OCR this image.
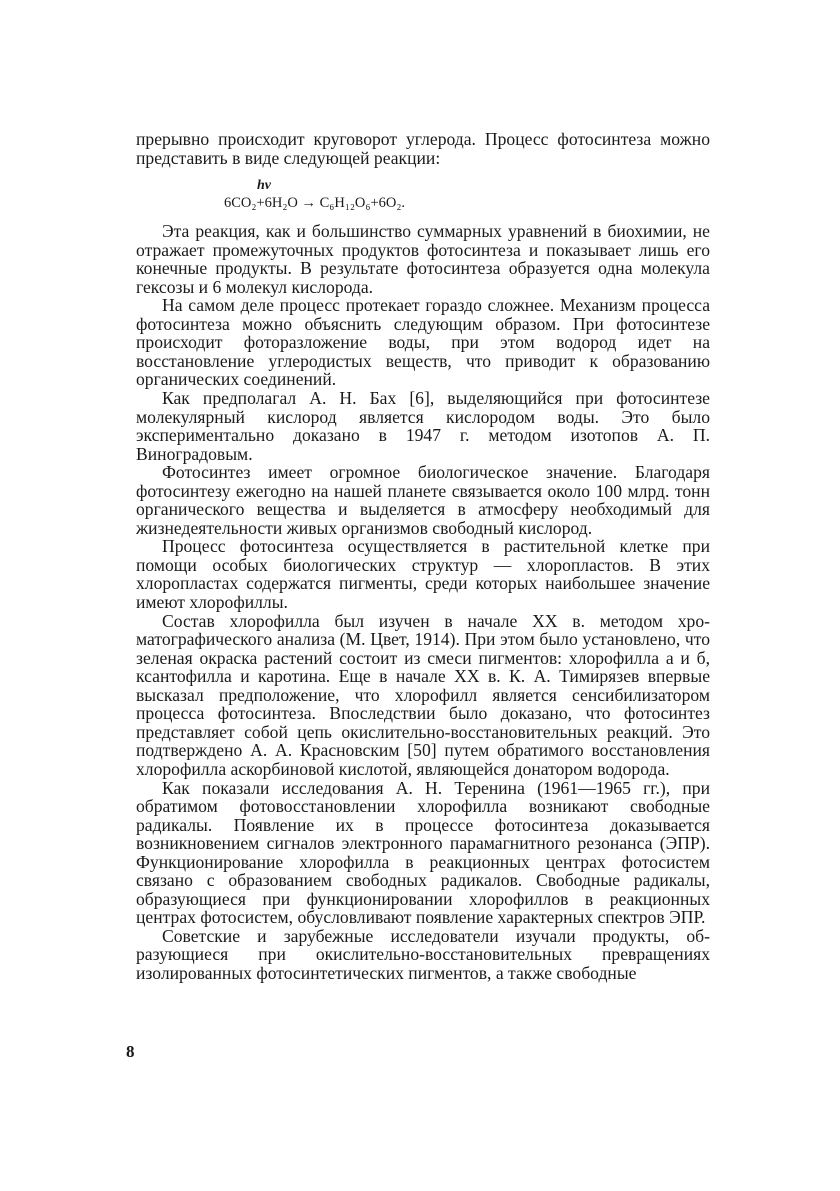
прерывно происходит круговорот углерода. Процесс фотосинтеза можно представить в виде следующей реакции:

hν
6CO₂+6H₂O → C₆H₁₂O₆+6O₂.

Эта реакция, как и большинство суммарных уравнений в биохимии, не отражает промежуточных продуктов фотосинтеза и показывает лишь его конечные продукты. В результате фотосинтеза образуется одна молекула гексозы и 6 молекул кислорода.

На самом деле процесс протекает гораздо сложнее. Механизм процесса фотосинтеза можно объяснить следующим образом. При фотосинтезе происходит фоторазложение воды, при этом водород идет на восстановление углеродистых веществ, что приводит к образованию органических соединений.

Как предполагал А. Н. Бах [6], выделяющийся при фотосинтезе молекулярный кислород является кислородом воды. Это было экспериментально доказано в 1947 г. методом изотопов А. П. Виноградовым.

Фотосинтез имеет огромное биологическое значение. Благодаря фотосинтезу ежегодно на нашей планете связывается около 100 млрд. тонн органического вещества и выделяется в атмосферу необходимый для жизнедеятельности живых организмов свободный кислород.

Процесс фотосинтеза осуществляется в растительной клетке при помощи особых биологических структур — хлоропластов. В этих хлоропластах содержатся пигменты, среди которых наибольшее значение имеют хлорофиллы.

Состав хлорофилла был изучен в начале XX в. методом хроматографического анализа (М. Цвет, 1914). При этом было установлено, что зеленая окраска растений состоит из смеси пигментов: хлорофилла а и б, ксантофилла и каротина. Еще в начале XX в. К. А. Тимирязев впервые высказал предположение, что хлорофилл является сенсибилизатором процесса фотосинтеза. Впоследствии было доказано, что фотосинтез представляет собой цепь окислительно-восстановительных реакций. Это подтверждено А. А. Красновским [50] путем обратимого восстановления хлорофилла аскорбиновой кислотой, являющейся донатором водорода.

Как показали исследования А. Н. Теренина (1961—1965 гг.), при обратимом фотовосстановлении хлорофилла возникают свободные радикалы. Появление их в процессе фотосинтеза доказывается возникновением сигналов электронного парамагнитного резонанса (ЭПР). Функционирование хлорофилла в реакционных центрах фотосистем связано с образованием свободных радикалов. Свободные радикалы, образующиеся при функционировании хлорофиллов в реакционных центрах фотосистем, обусловливают появление характерных спектров ЭПР.

Советские и зарубежные исследователи изучали продукты, образующиеся при окислительно-восстановительных превращениях изолированных фотосинтетических пигментов, а также свободные

8
